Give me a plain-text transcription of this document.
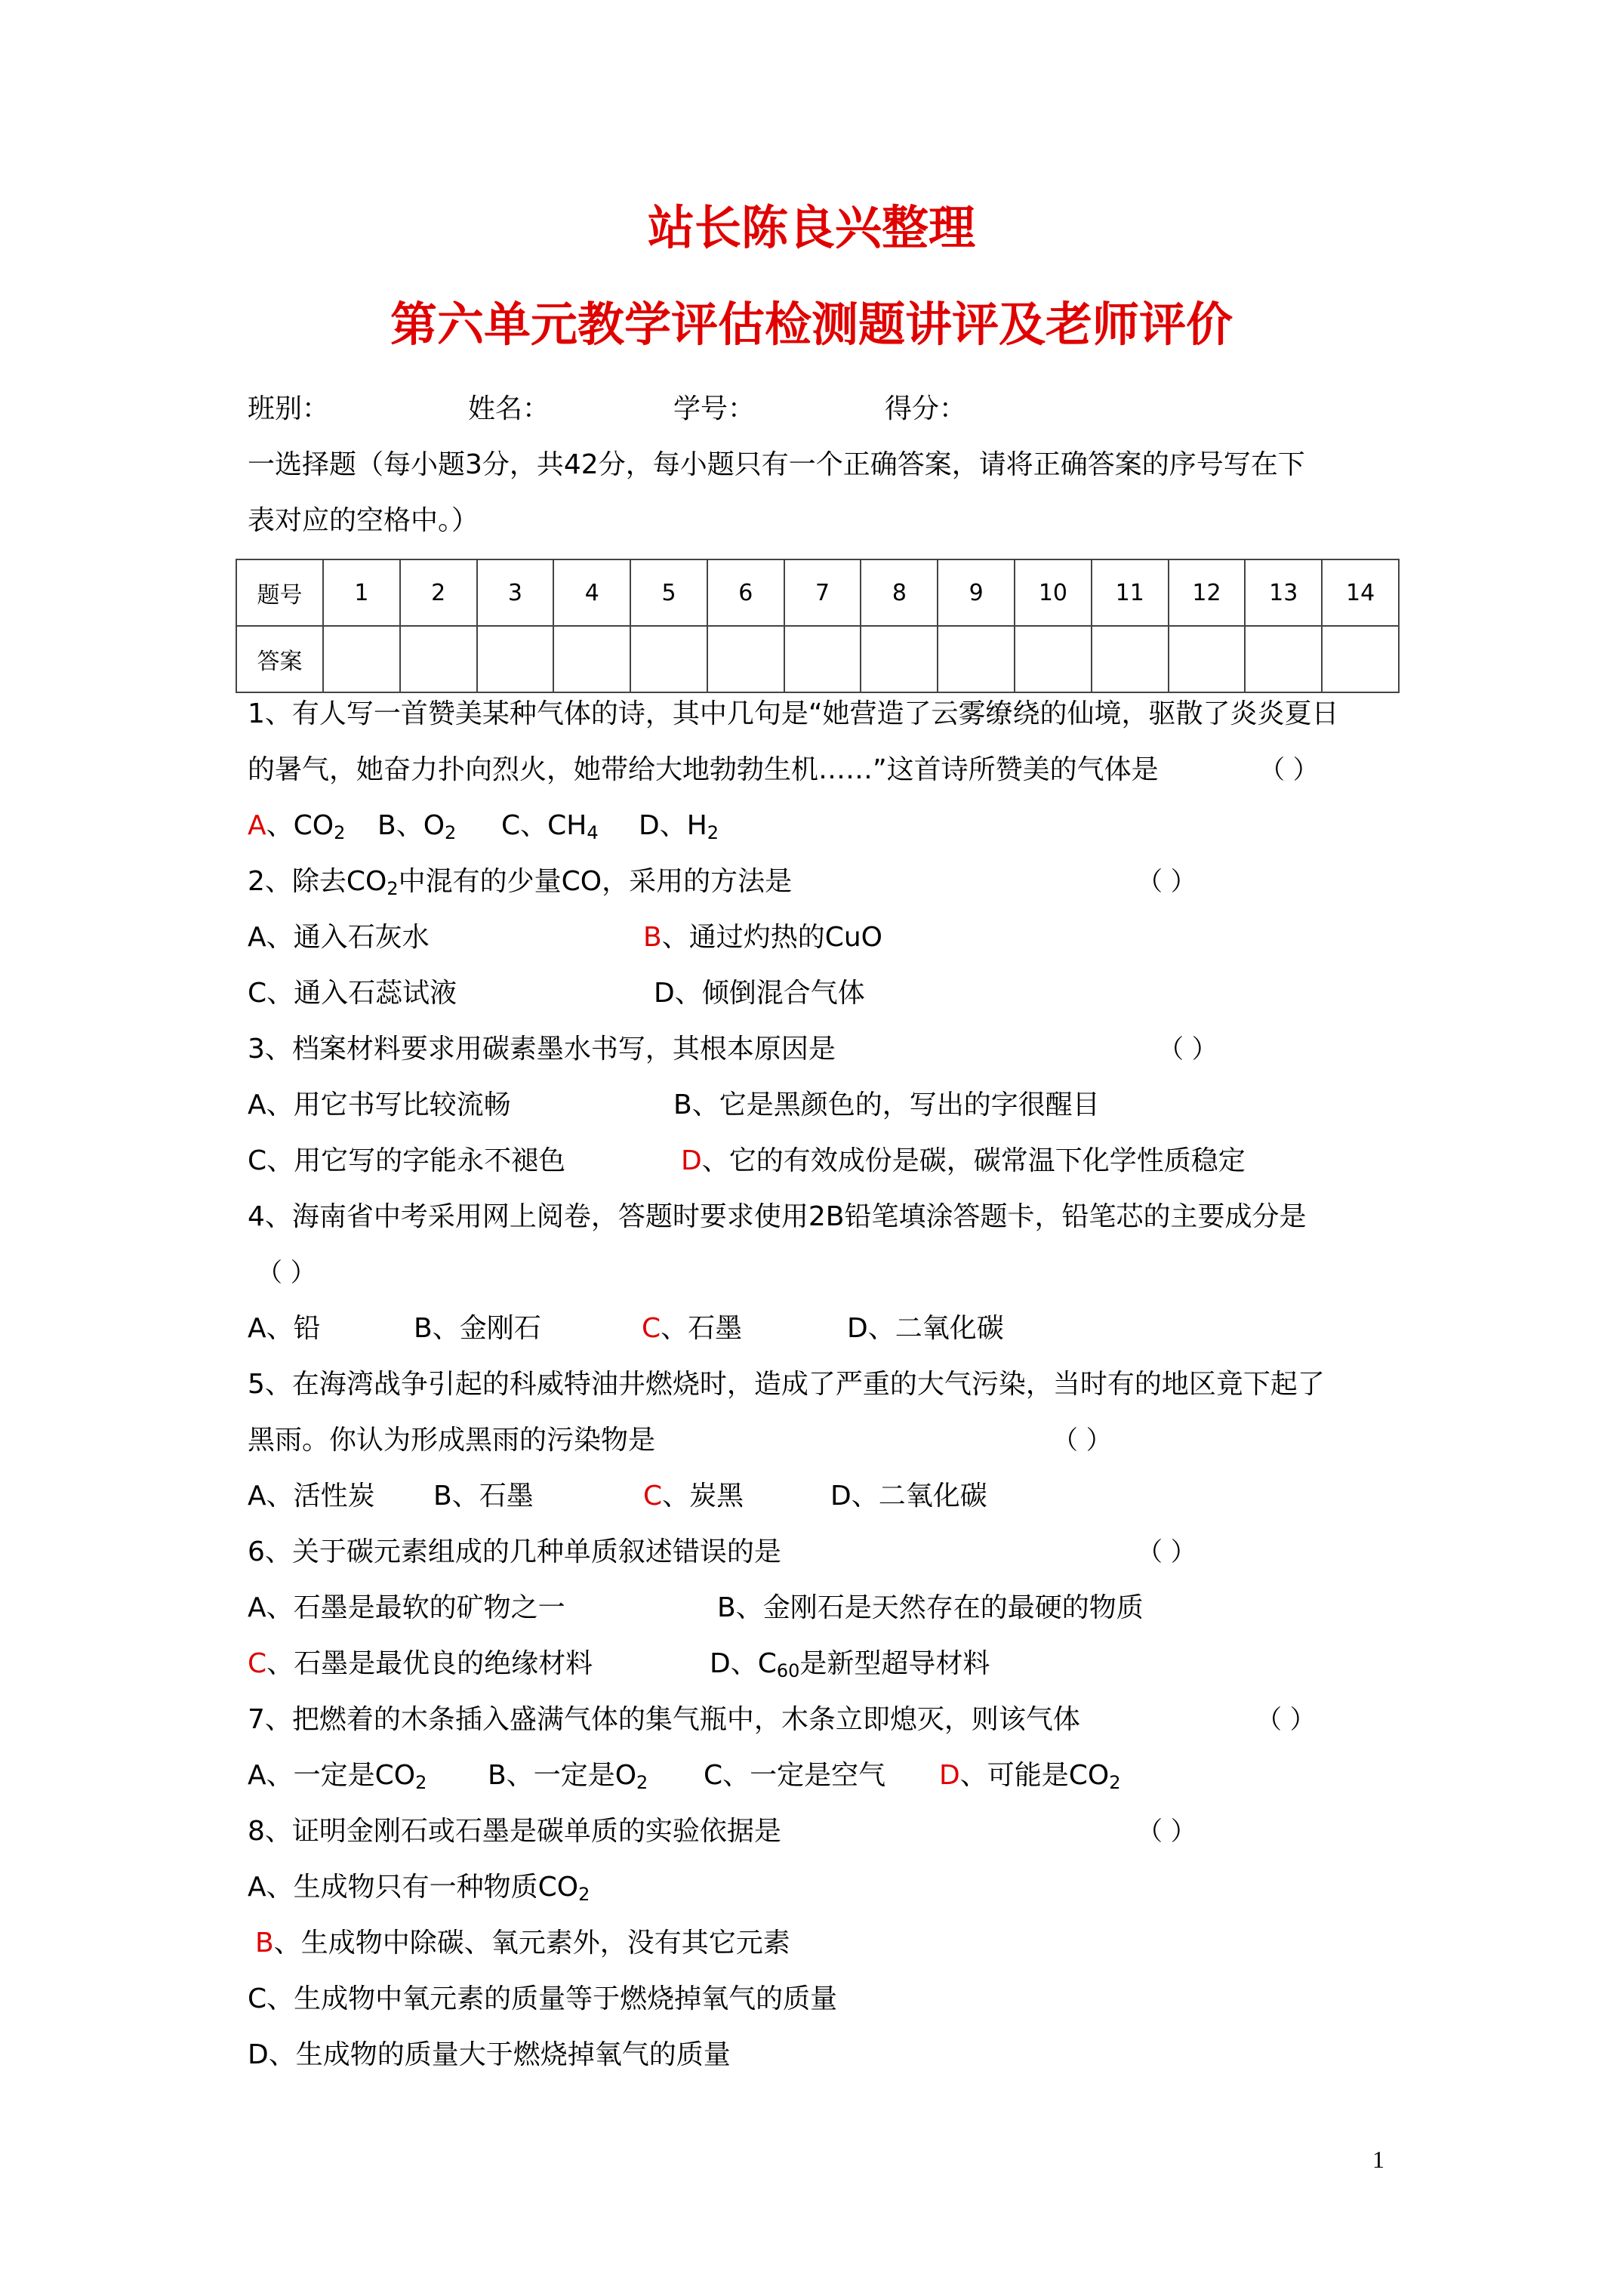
站长陈良兴整理
第六单元教学评估检测题讲评及老师评价
班别：	姓名：	学号：	得分：
一选择题（每小题3分，共42分，每小题只有一个正确答案，请将正确答案的序号写在下
表对应的空格中。）
题号	1	2	3	4	5	6	7	8	9	10	11	12	13	14
答案														
1、有人写一首赞美某种气体的诗，其中几句是“她营造了云雾缭绕的仙境，驱散了炎炎夏日
的暑气，她奋力扑向烈火，她带给大地勃勃生机……”这首诗所赞美的气体是	（ ）
A、$CO_2$ B、$O_2$ C、$CH_4$ D、$H_2$
2、除去$CO_2$中混有的少量CO，采用的方法是	（ ）
A、通入石灰水	B、通过灼热的CuO
C、通入石蕊试液	D、倾倒混合气体
3、档案材料要求用碳素墨水书写，其根本原因是	（ ）
A、用它书写比较流畅	B、它是黑颜色的，写出的字很醒目
C、用它写的字能永不褪色	D、它的有效成份是碳，碳常温下化学性质稳定
4、海南省中考采用网上阅卷，答题时要求使用2B铅笔填涂答题卡，铅笔芯的主要成分是
（ ）
A、铅	B、金刚石	C、石墨	D、二氧化碳
5、在海湾战争引起的科威特油井燃烧时，造成了严重的大气污染，当时有的地区竟下起了
黑雨。你认为形成黑雨的污染物是	（ ）
A、活性炭 B、石墨	C、炭黑	D、二氧化碳
6、关于碳元素组成的几种单质叙述错误的是	（ ）
A、石墨是最软的矿物之一	B、金刚石是天然存在的最硬的物质
C、石墨是最优良的绝缘材料	D、$C_{60}$是新型超导材料
7、把燃着的木条插入盛满气体的集气瓶中，木条立即熄灭，则该气体	（ ）
A、一定是$CO_2$ B、一定是$O_2$ C、一定是空气 D、可能是$CO_2$
8、证明金刚石或石墨是碳单质的实验依据是	（ ）
A、生成物只有一种物质$CO_2$
B、生成物中除碳、氧元素外，没有其它元素
C、生成物中氧元素的质量等于燃烧掉氧气的质量
D、生成物的质量大于燃烧掉氧气的质量
1
